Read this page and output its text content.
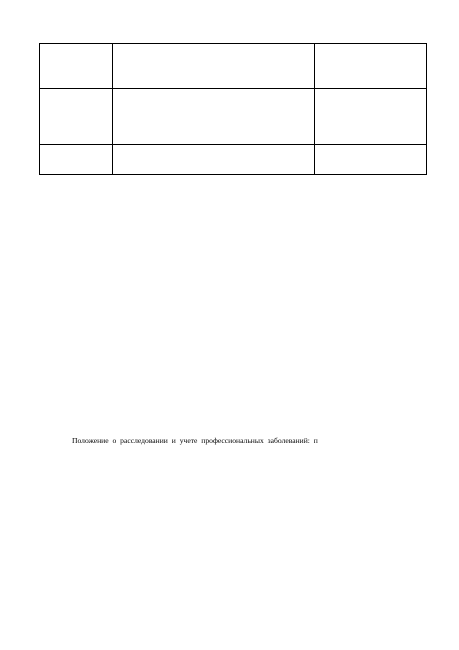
Положение о расследовании и учете профессиональных заболеваний: п
